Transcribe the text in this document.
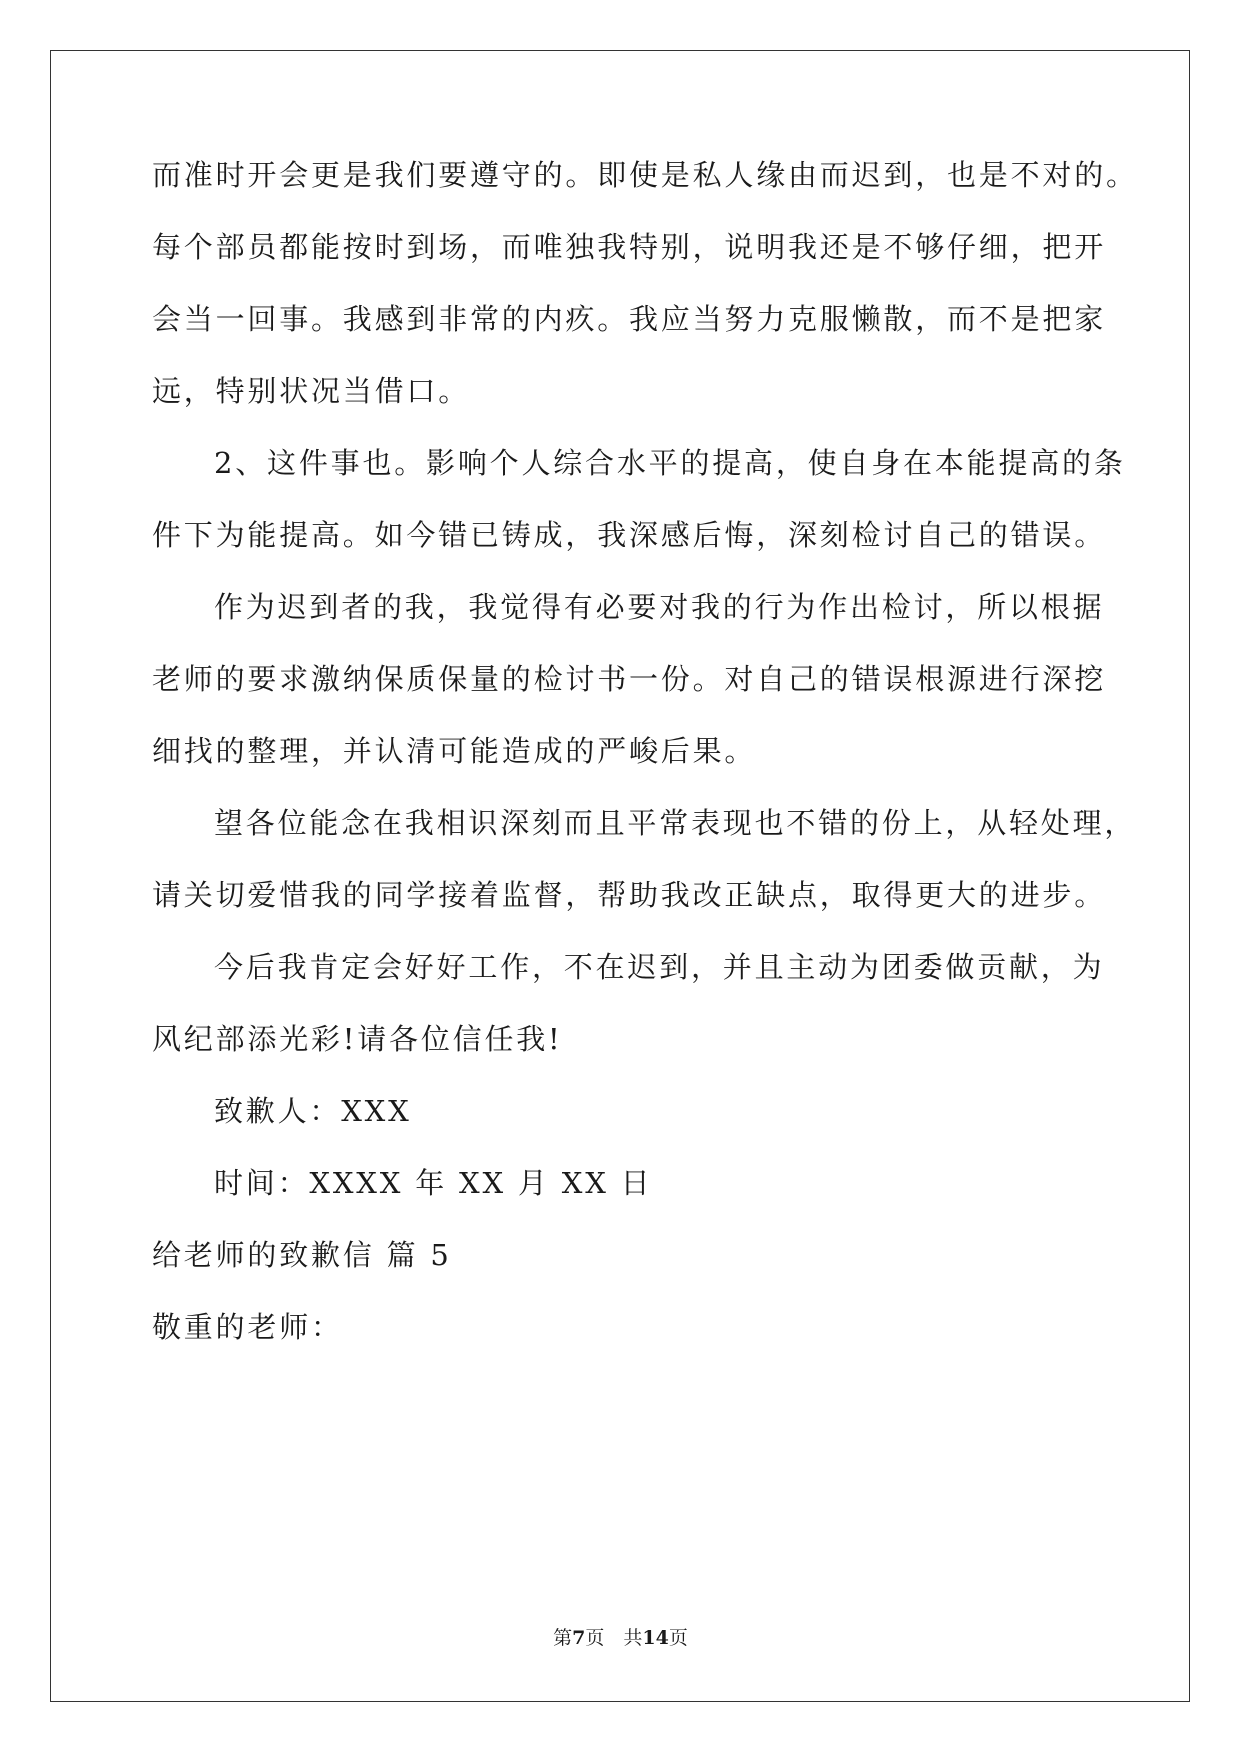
而准时开会更是我们要遵守的。即使是私人缘由而迟到，也是不对的。
每个部员都能按时到场，而唯独我特别，说明我还是不够仔细，把开
会当一回事。我感到非常的内疚。我应当努力克服懒散，而不是把家
远，特别状况当借口。
2、这件事也。影响个人综合水平的提高，使自身在本能提高的条
件下为能提高。如今错已铸成，我深感后悔，深刻检讨自己的错误。
作为迟到者的我，我觉得有必要对我的行为作出检讨，所以根据
老师的要求激纳保质保量的检讨书一份。对自己的错误根源进行深挖
细找的整理，并认清可能造成的严峻后果。
望各位能念在我相识深刻而且平常表现也不错的份上，从轻处理，
请关切爱惜我的同学接着监督，帮助我改正缺点，取得更大的进步。
今后我肯定会好好工作，不在迟到，并且主动为团委做贡献，为
风纪部添光彩!请各位信任我!
致歉人：XXX
时间：XXXX 年 XX 月 XX 日
给老师的致歉信 篇 5
敬重的老师：
第7页　共14页
